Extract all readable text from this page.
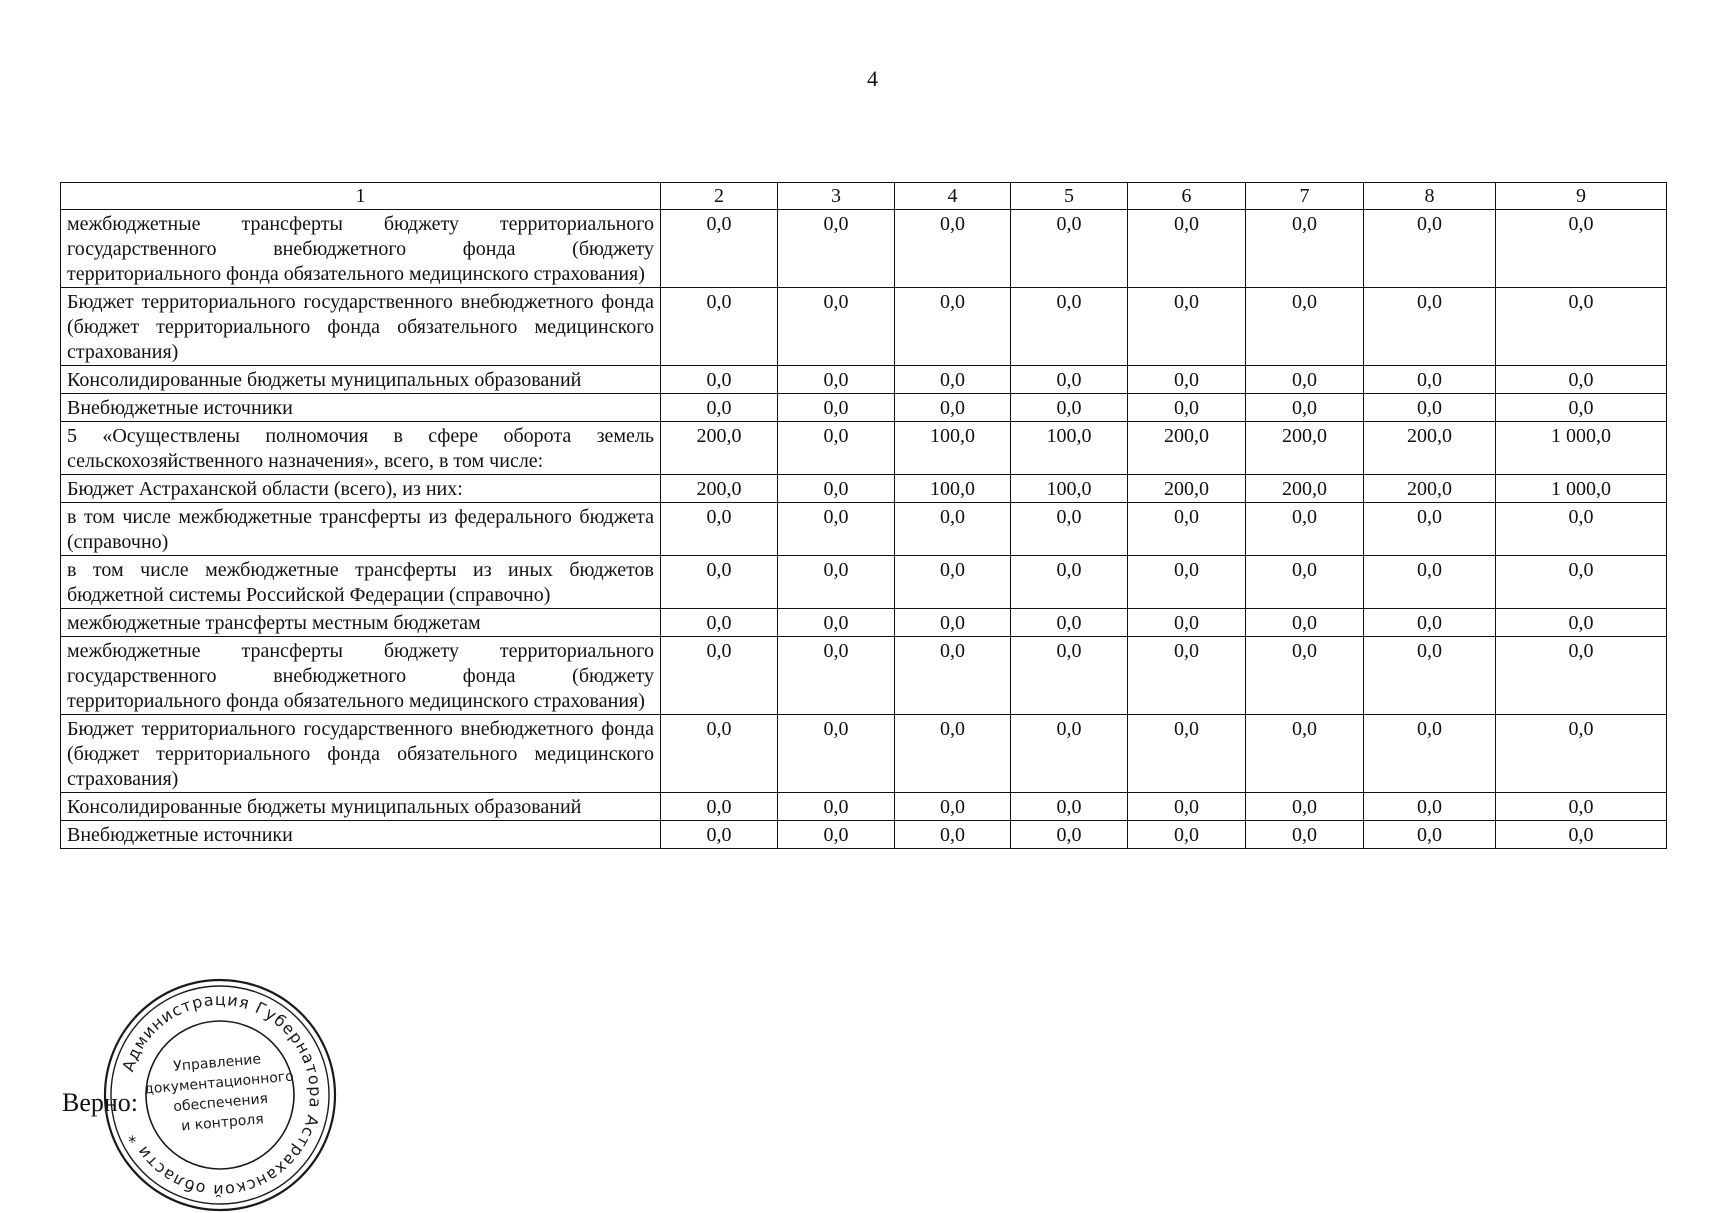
4
1	2	3	4	5	6	7	8	9
межбюджетные трансферты бюджету территориального государственного внебюджетного фонда (бюджету территориального фонда обязательного медицинского страхования)	0,0	0,0	0,0	0,0	0,0	0,0	0,0	0,0
Бюджет территориального государственного внебюджетного фонда (бюджет территориального фонда обязательного медицинского страхования)	0,0	0,0	0,0	0,0	0,0	0,0	0,0	0,0
Консолидированные бюджеты муниципальных образований	0,0	0,0	0,0	0,0	0,0	0,0	0,0	0,0
Внебюджетные источники	0,0	0,0	0,0	0,0	0,0	0,0	0,0	0,0
5 «Осуществлены полномочия в сфере оборота земель сельскохозяйственного назначения», всего, в том числе:	200,0	0,0	100,0	100,0	200,0	200,0	200,0	1 000,0
Бюджет Астраханской области (всего), из них:	200,0	0,0	100,0	100,0	200,0	200,0	200,0	1 000,0
в том числе межбюджетные трансферты из федерального бюджета (справочно)	0,0	0,0	0,0	0,0	0,0	0,0	0,0	0,0
в том числе межбюджетные трансферты из иных бюджетов бюджетной системы Российской Федерации (справочно)	0,0	0,0	0,0	0,0	0,0	0,0	0,0	0,0
межбюджетные трансферты местным бюджетам	0,0	0,0	0,0	0,0	0,0	0,0	0,0	0,0
межбюджетные трансферты бюджету территориального государственного внебюджетного фонда (бюджету территориального фонда обязательного медицинского страхования)	0,0	0,0	0,0	0,0	0,0	0,0	0,0	0,0
Бюджет территориального государственного внебюджетного фонда (бюджет территориального фонда обязательного медицинского страхования)	0,0	0,0	0,0	0,0	0,0	0,0	0,0	0,0
Консолидированные бюджеты муниципальных образований	0,0	0,0	0,0	0,0	0,0	0,0	0,0	0,0
Внебюджетные источники	0,0	0,0	0,0	0,0	0,0	0,0	0,0	0,0
Верно:
Администрация Губернатора Астраханской области *
Управление
документационного
обеспечения
и контроля
